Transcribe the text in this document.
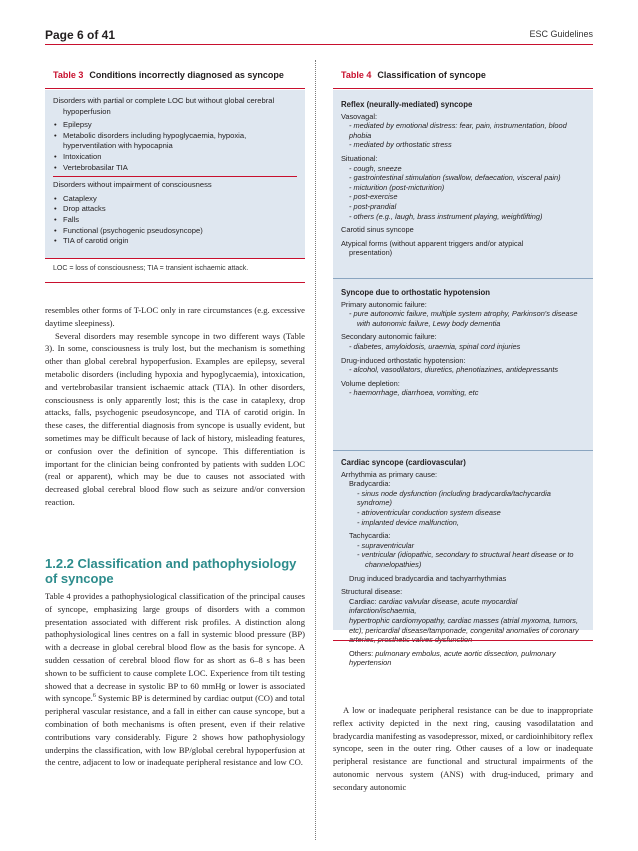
Page 6 of 41	ESC Guidelines
Table 3 Conditions incorrectly diagnosed as syncope
Disorders with partial or complete LOC but without global cerebral
hypoperfusion
• Epilepsy
• Metabolic disorders including hypoglycaemia, hypoxia,
hyperventilation with hypocapnia
• Intoxication
• Vertebrobasilar TIA
Disorders without impairment of consciousness
• Cataplexy
• Drop attacks
• Falls
• Functional (psychogenic pseudosyncope)
• TIA of carotid origin
LOC = loss of consciousness; TIA = transient ischaemic attack.
Table 4 Classification of syncope
Reflex (neurally-mediated) syncope
Vasovagal:
- mediated by emotional distress: fear, pain, instrumentation, blood phobia
- mediated by orthostatic stress
Situational:
- cough, sneeze
- gastrointestinal stimulation (swallow, defaecation, visceral pain)
- micturition (post-micturition)
- post-exercise
- post-prandial
- others (e.g., laugh, brass instrument playing, weightlifting)
Carotid sinus syncope
Atypical forms (without apparent triggers and/or atypical
presentation)
Syncope due to orthostatic hypotension
Primary autonomic failure:
- pure autonomic failure, multiple system atrophy, Parkinson's disease
with autonomic failure, Lewy body dementia
Secondary autonomic failure:
- diabetes, amyloidosis, uraemia, spinal cord injuries
Drug-induced orthostatic hypotension:
- alcohol, vasodilators, diuretics, phenotiazines, antidepressants
Volume depletion:
- haemorrhage, diarrhoea, vomiting, etc
Cardiac syncope (cardiovascular)
Arrhythmia as primary cause:
Bradycardia:
- sinus node dysfunction (including bradycardia/tachycardia syndrome)
- atrioventricular conduction system disease
- implanted device malfunction,
Tachycardia:
- supraventricular
- ventricular (idiopathic, secondary to structural heart disease or to
channelopathies)
Drug induced bradycardia and tachyarrhythmias
Structural disease:
Cardiac: cardiac valvular disease, acute myocardial infarction/ischaemia,
hypertrophic cardiomyopathy, cardiac masses (atrial myxoma, tumors,
etc), pericardial disease/tamponade, congenital anomalies of coronary
arteries, prosthetic valves dysfunction
Others: pulmonary embolus, acute aortic dissection, pulmonary
hypertension

resembles other forms of T-LOC only in rare circumstances (e.g. excessive daytime sleepiness).

Several disorders may resemble syncope in two different ways (Table 3). In some, consciousness is truly lost, but the mechanism is something other than global cerebral hypoperfusion. Examples are epilepsy, several metabolic disorders (including hypoxia and hypoglycaemia), intoxication, and vertebrobasilar transient ischaemic attack (TIA). In other disorders, consciousness is only apparently lost; this is the case in cataplexy, drop attacks, falls, psychogenic pseudosyncope, and TIA of carotid origin. In these cases, the differential diagnosis from syncope is usually evident, but sometimes may be difficult because of lack of history, misleading features, or confusion over the definition of syncope. This differentiation is important for the clinician being confronted by patients with sudden LOC (real or apparent), which may be due to causes not associated with decreased global cerebral blood flow such as seizure and/or conversion reaction.

1.2.2 Classification and pathophysiology of syncope

Table 4 provides a pathophysiological classification of the principal causes of syncope, emphasizing large groups of disorders with a common presentation associated with different risk profiles. A distinction along pathophysiological lines centres on a fall in systemic blood pressure (BP) with a decrease in global cerebral blood flow as the basis for syncope. A sudden cessation of cerebral blood flow for as short as 6–8 s has been shown to be sufficient to cause complete LOC. Experience from tilt testing showed that a decrease in systolic BP to 60 mmHg or lower is associated with syncope.$^6$ Systemic BP is determined by cardiac output (CO) and total peripheral vascular resistance, and a fall in either can cause syncope, but a combination of both mechanisms is often present, even if their relative contributions vary considerably. Figure 2 shows how pathophysiology underpins the classification, with low BP/global cerebral hypoperfusion at the centre, adjacent to low or inadequate peripheral resistance and low CO.

A low or inadequate peripheral resistance can be due to inappropriate reflex activity depicted in the next ring, causing vasodilatation and bradycardia manifesting as vasodepressor, mixed, or cardioinhibitory reflex syncope, seen in the outer ring. Other causes of a low or inadequate peripheral resistance are functional and structural impairments of the autonomic nervous system (ANS) with drug-induced, primary and secondary autonomic
